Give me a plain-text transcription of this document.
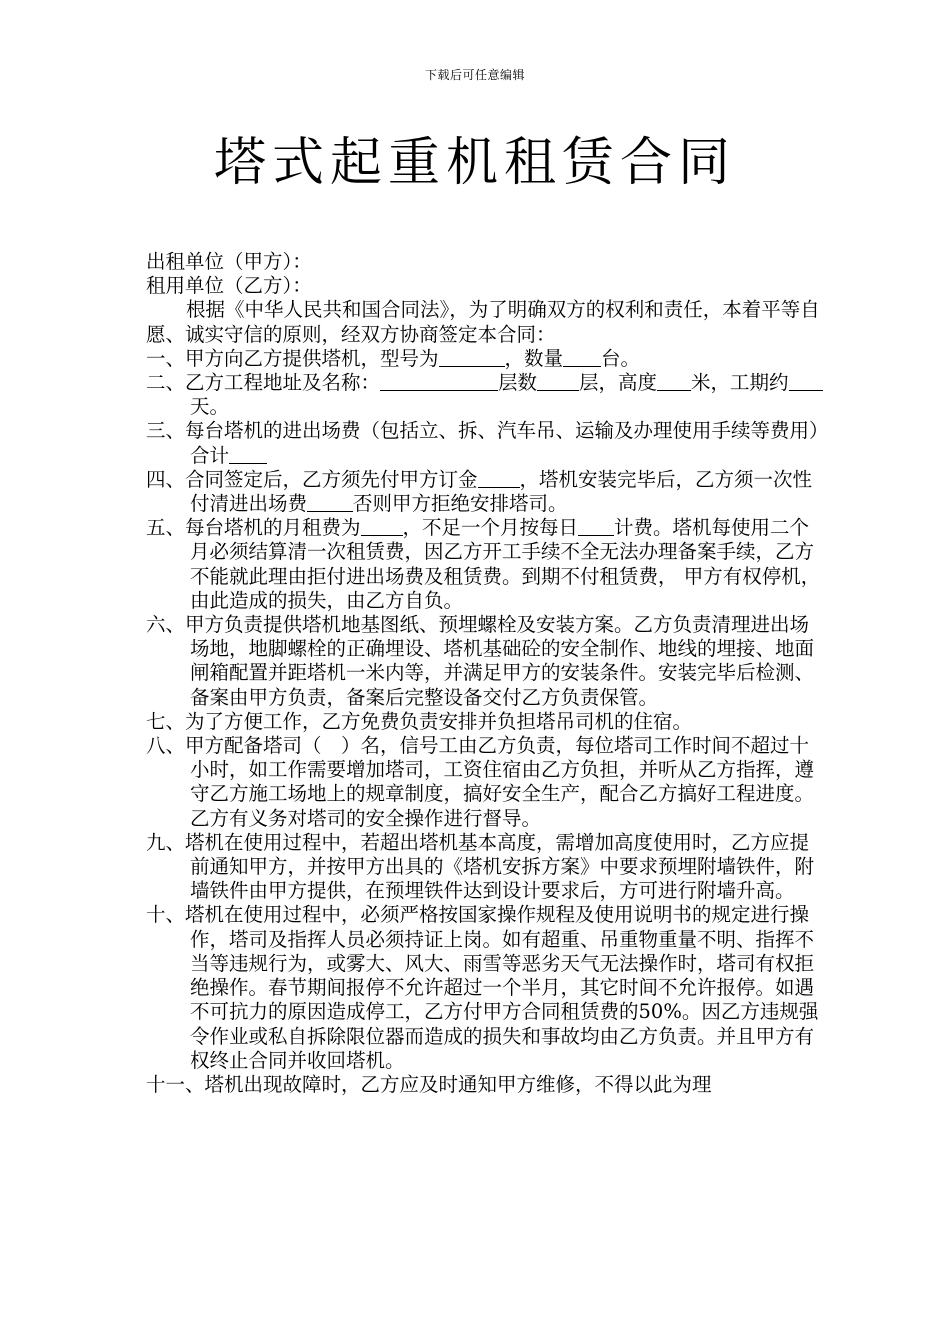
下载后可任意编辑
塔式起重机租赁合同

出租单位（甲方）：

租用单位（乙方）：

根据《中华人民共和国合同法》，为了明确双方的权利和责任，本着平等自愿、诚实守信的原则，经双方协商签定本合同：

一、甲方向乙方提供塔机，型号为	，数量 台。

二、乙方工程地址及名称：	层数 层，高度 米，工期约天。

三、每台塔机的进出场费（包括立、拆、汽车吊、运输及办理使用手续等费用）合计

四、合同签定后，乙方须先付甲方订金 ，塔机安装完毕后，乙方须一次性付清进出场费 否则甲方拒绝安排塔司。

五、每台塔机的月租费为 ，不足一个月按每日 计费。塔机每使用二个月必须结算清一次租赁费，因乙方开工手续不全无法办理备案手续，乙方不能就此理由拒付进出场费及租赁费。到期不付租赁费， 甲方有权停机，由此造成的损失，由乙方自负。

六、甲方负责提供塔机地基图纸、预埋螺栓及安装方案。乙方负责清理进出场场地，地脚螺栓的正确埋设、塔机基础砼的安全制作、地线的埋接、地面闸箱配置并距塔机一米内等，并满足甲方的安装条件。安装完毕后检测、备案由甲方负责，备案后完整设备交付乙方负责保管。

七、为了方便工作，乙方免费负责安排并负担塔吊司机的住宿。

八、甲方配备塔司（　）名，信号工由乙方负责，每位塔司工作时间不超过十小时，如工作需要增加塔司，工资住宿由乙方负担，并听从乙方指挥，遵守乙方施工场地上的规章制度，搞好安全生产，配合乙方搞好工程进度。乙方有义务对塔司的安全操作进行督导。

九、塔机在使用过程中，若超出塔机基本高度，需增加高度使用时，乙方应提前通知甲方，并按甲方出具的《塔机安拆方案》中要求预埋附墙铁件，附墙铁件由甲方提供，在预埋铁件达到设计要求后，方可进行附墙升高。

十、塔机在使用过程中，必须严格按国家操作规程及使用说明书的规定进行操作，塔司及指挥人员必须持证上岗。如有超重、吊重物重量不明、指挥不当等违规行为，或雾大、风大、雨雪等恶劣天气无法操作时，塔司有权拒绝操作。春节期间报停不允许超过一个半月，其它时间不允许报停。如遇不可抗力的原因造成停工，乙方付甲方合同租赁费的50%。因乙方违规强令作业或私自拆除限位器而造成的损失和事故均由乙方负责。并且甲方有权终止合同并收回塔机。

十一、塔机出现故障时，乙方应及时通知甲方维修，不得以此为理
